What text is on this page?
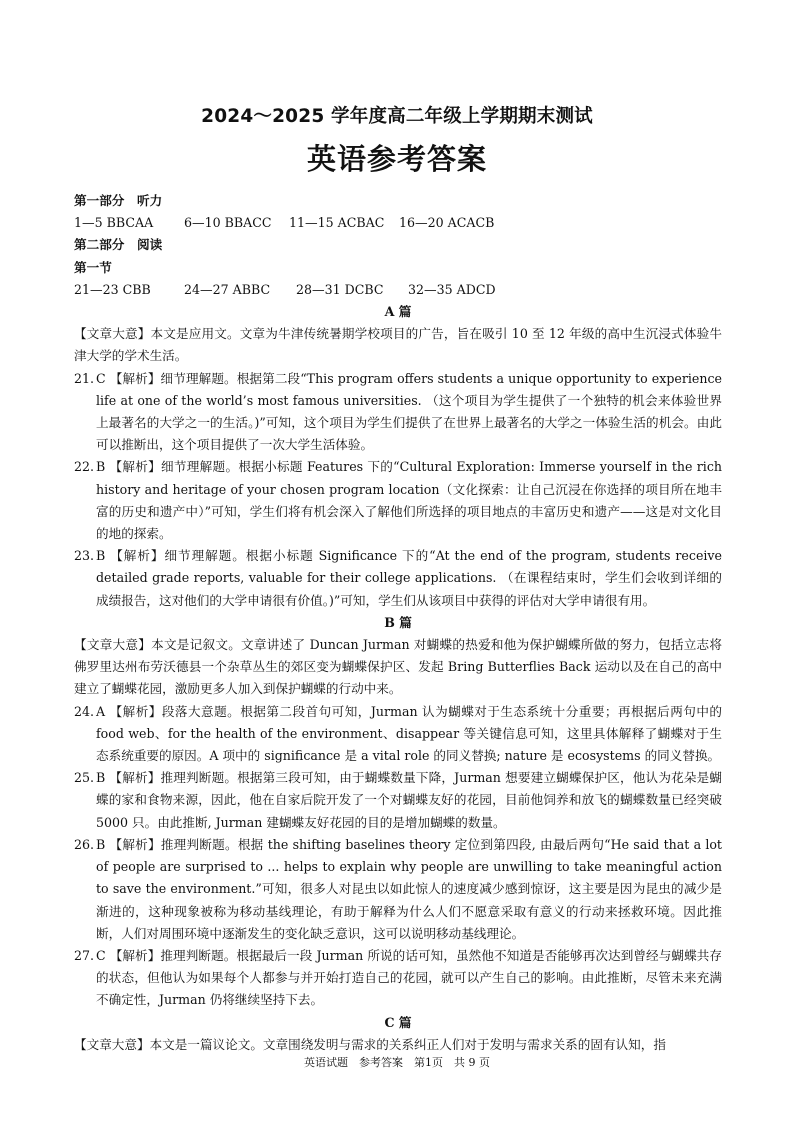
2024～2025 学年度高二年级上学期期末测试
英语参考答案
第一部分　听力
1—5 BBCAA	6—10 BBACC	11—15 ACBAC	16—20 ACACB
第二部分　阅读
第一节
21—23 CBB	24—27 ABBC	28—31 DCBC	32—35 ADCD
A 篇
【文章大意】本文是应用文。文章为牛津传统暑期学校项目的广告，旨在吸引 10 至 12 年级的高中生沉浸式体验牛津大学的学术生活。
21. C 【解析】细节理解题。根据第二段“This program offers students a unique opportunity to experience life at one of the world’s most famous universities. （这个项目为学生提供了一个独特的机会来体验世界上最著名的大学之一的生活。)”可知，这个项目为学生们提供了在世界上最著名的大学之一体验生活的机会。由此可以推断出，这个项目提供了一次大学生活体验。
22. B 【解析】细节理解题。根据小标题 Features 下的“Cultural Exploration: Immerse yourself in the rich history and heritage of your chosen program location（文化探索：让自己沉浸在你选择的项目所在地丰富的历史和遗产中）”可知，学生们将有机会深入了解他们所选择的项目地点的丰富历史和遗产——这是对文化目的地的探索。
23. B 【解析】细节理解题。根据小标题 Significance 下的“At the end of the program, students receive detailed grade reports, valuable for their college applications. （在课程结束时，学生们会收到详细的成绩报告，这对他们的大学申请很有价值。)”可知，学生们从该项目中获得的评估对大学申请很有用。
B 篇
【文章大意】本文是记叙文。文章讲述了 Duncan Jurman 对蝴蝶的热爱和他为保护蝴蝶所做的努力，包括立志将佛罗里达州布劳沃德县一个杂草丛生的郊区变为蝴蝶保护区、发起 Bring Butterflies Back 运动以及在自己的高中建立了蝴蝶花园，激励更多人加入到保护蝴蝶的行动中来。
24. A 【解析】段落大意题。根据第二段首句可知，Jurman 认为蝴蝶对于生态系统十分重要；再根据后两句中的 food web、for the health of the environment、disappear 等关键信息可知，这里具体解释了蝴蝶对于生态系统重要的原因。A 项中的 significance 是 a vital role 的同义替换; nature 是 ecosystems 的同义替换。
25. B 【解析】推理判断题。根据第三段可知，由于蝴蝶数量下降，Jurman 想要建立蝴蝶保护区，他认为花朵是蝴蝶的家和食物来源，因此，他在自家后院开发了一个对蝴蝶友好的花园，目前他饲养和放飞的蝴蝶数量已经突破 5000 只。由此推断, Jurman 建蝴蝶友好花园的目的是增加蝴蝶的数量。
26. B 【解析】推理判断题。根据 the shifting baselines theory 定位到第四段, 由最后两句“He said that a lot of people are surprised to ... helps to explain why people are unwilling to take meaningful action to save the environment.”可知，很多人对昆虫以如此惊人的速度减少感到惊讶，这主要是因为昆虫的减少是渐进的，这种现象被称为移动基线理论，有助于解释为什么人们不愿意采取有意义的行动来拯救环境。因此推断，人们对周围环境中逐渐发生的变化缺乏意识，这可以说明移动基线理论。
27. C 【解析】推理判断题。根据最后一段 Jurman 所说的话可知，虽然他不知道是否能够再次达到曾经与蝴蝶共存的状态，但他认为如果每个人都参与并开始打造自己的花园，就可以产生自己的影响。由此推断，尽管未来充满不确定性，Jurman 仍将继续坚持下去。
C 篇
【文章大意】本文是一篇议论文。文章围绕发明与需求的关系纠正人们对于发明与需求关系的固有认知，指
英语试题　参考答案　第1页　共 9 页
